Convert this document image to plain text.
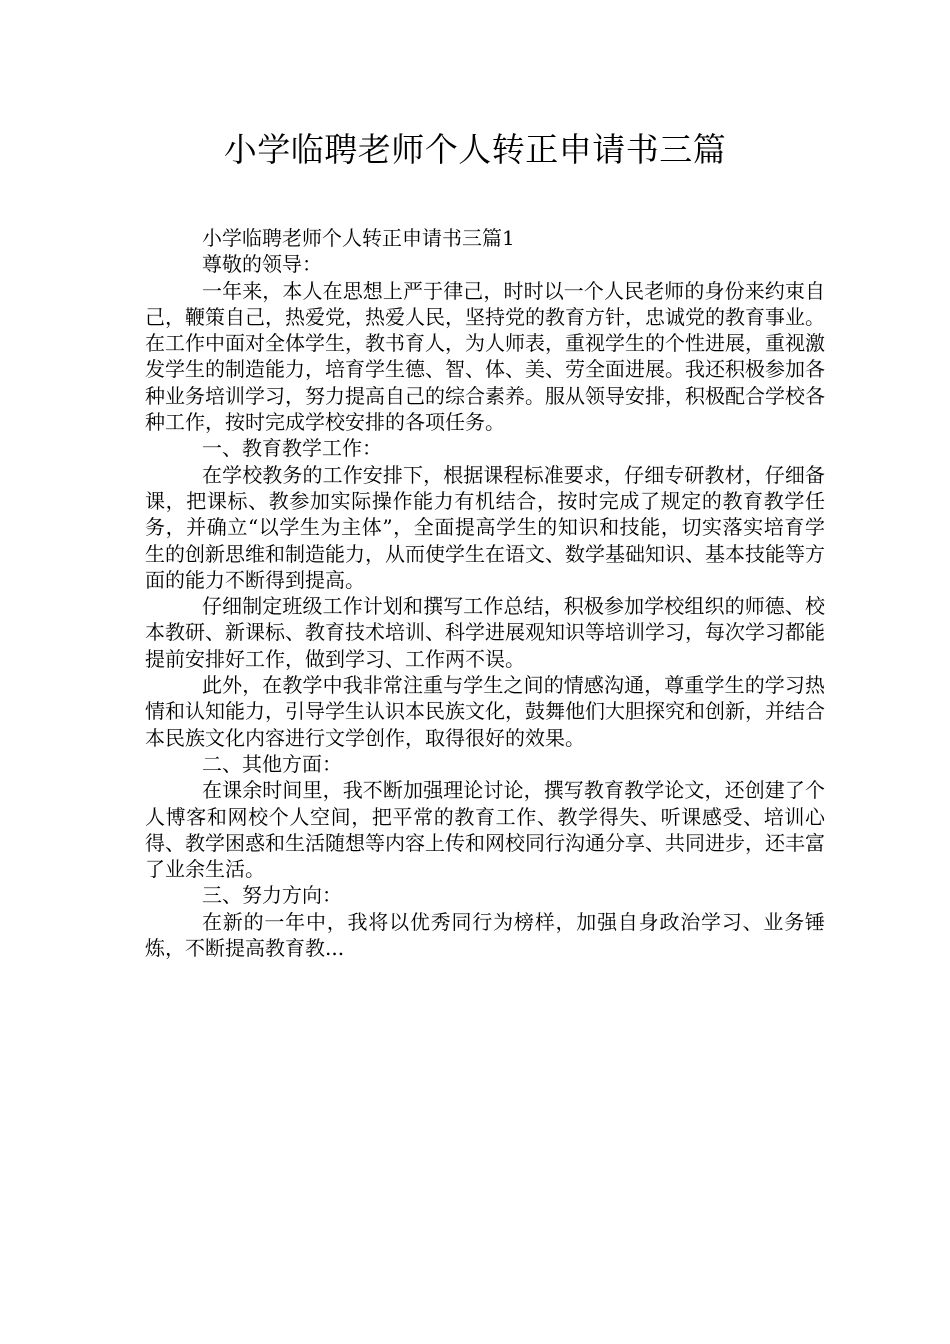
小学临聘老师个人转正申请书三篇

小学临聘老师个人转正申请书三篇1

尊敬的领导：

一年来，本人在思想上严于律己，时时以一个人民老师的身份来约束自己，鞭策自己，热爱党，热爱人民，坚持党的教育方针，忠诚党的教育事业。在工作中面对全体学生，教书育人，为人师表，重视学生的个性进展，重视激发学生的制造能力，培育学生德、智、体、美、劳全面进展。我还积极参加各种业务培训学习，努力提高自己的综合素养。服从领导安排，积极配合学校各种工作，按时完成学校安排的各项任务。

一、教育教学工作：

在学校教务的工作安排下，根据课程标准要求，仔细专研教材，仔细备课，把课标、教参加实际操作能力有机结合，按时完成了规定的教育教学任务，并确立“以学生为主体”，全面提高学生的知识和技能，切实落实培育学生的创新思维和制造能力，从而使学生在语文、数学基础知识、基本技能等方面的能力不断得到提高。

仔细制定班级工作计划和撰写工作总结，积极参加学校组织的师德、校本教研、新课标、教育技术培训、科学进展观知识等培训学习，每次学习都能提前安排好工作，做到学习、工作两不误。

此外，在教学中我非常注重与学生之间的情感沟通，尊重学生的学习热情和认知能力，引导学生认识本民族文化，鼓舞他们大胆探究和创新，并结合本民族文化内容进行文学创作，取得很好的效果。

二、其他方面：

在课余时间里，我不断加强理论讨论，撰写教育教学论文，还创建了个人博客和网校个人空间，把平常的教育工作、教学得失、听课感受、培训心得、教学困惑和生活随想等内容上传和网校同行沟通分享、共同进步，还丰富了业余生活。

三、努力方向：

在新的一年中，我将以优秀同行为榜样，加强自身政治学习、业务锤炼，不断提高教育教...
